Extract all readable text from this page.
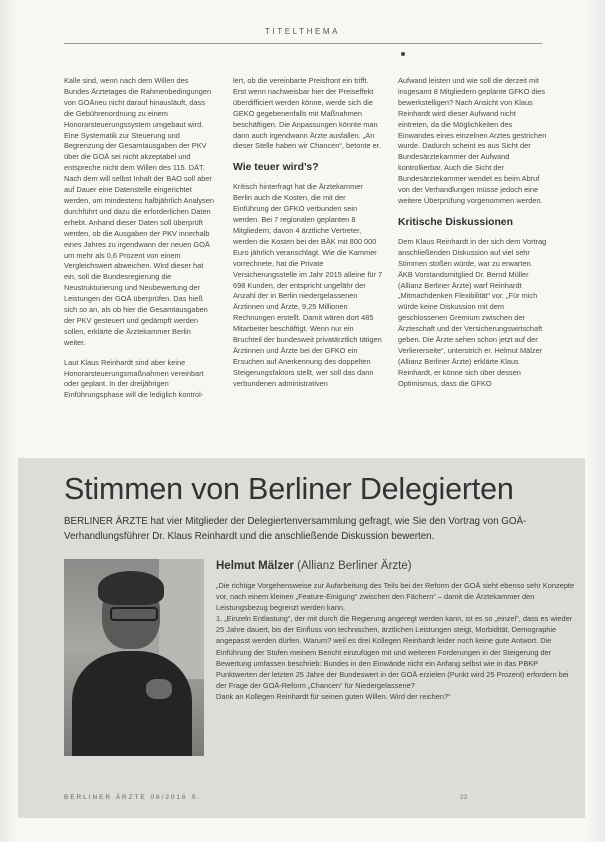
TITELTHEMA

Kalle sind, wenn nach dem Willen des Bundes Ärztetages die Rahmenbedingungen von GOÄneu nicht darauf hinausläuft, dass die Gebührenordnung zu einem Honorarsteuerungssystem umgebaut wird. Eine Systematik zur Steuerung und Begrenzung der Gesamtausgaben der PKV über die GOÄ sei nicht akzeptabel und entspreche nicht dem Willen des 115. DÄT. Nach dem will selbst Inhalt der BAO soll aber auf Dauer eine Datenstelle eingerichtet werden, um mindestens halbjährlich Analysen durchführt und dazu die erforderlichen Daten erhebt. Anhand dieser Daten soll überprüft werden, ob die Ausgaben der PKV innerhalb eines Jahres zu irgendwann der neuen GOÄ um mehr als 0,6 Prozent von einem Vergleichswert abweichen. Wird dieser hat ein, soll die Bundesregierung die Neustrukturierung und Neubewertung der Leistungen der GOÄ überprüfen. Das hieß sich so an, als ob hier die Gesamtausgaben der PKV gesteuert und gedämpft werden sollen, erklärte die Ärztekammer Berlin weiter.

Laut Klaus Reinhardt sind aber keine Honorarsteuerungsmaßnahmen vereinbart oder geplant. In der dreijährigen Einführungsphase will die lediglich kontrol-

lert, ob die vereinbarte Preisfront ein trifft. Erst wenn nachweisbar hier der Preiseffekt überdifficiert werden könne, werde sich die GEKO gegebenenfalls mit Maßnahmen beschäftigen. Die Anpassungen könnte man dann auch irgendwann Ärzte ausfallen. „An dieser Stelle haben wir Chancen“, betonte er.

Wie teuer wird’s?

Kritisch hinterfragt hat die Ärztekammer Berlin auch die Kosten, die mit der Einführung der GFKO verbunden sein werden. Bei 7 regionalen geplanten 8 Mitgliedern, davon 4 ärztliche Vertreter, werden die Kosten bei der BÄK mit 800 000 Euro jährlich veranschlagt. Wie die Kammer vorrechnete, hat die Private Versicherungsstelle im Jahr 2015 alleine für 7 698 Kunden, der entspricht ungefähr der Anzahl der in Berlin niedergelassenen Ärztinnen und Ärzte, 9,25 Millionen Rechnungen erstellt. Damit wären dort 485 Mitarbeiter beschäftigt. Wenn nur ein Bruchteil der bundesweit privatärztlich tätigen Ärztinnen und Ärzte bei der GFKO ein Ersuchen auf Anerkennung des doppelten Steigerungsfaktors stellt, wer soll das dann verbundenen administrativen

Aufwand leisten und wie soll die derzeit mit insgesamt 8 Mitgliedern geplante GFKO dies bewerkstelligen? Nach Ansicht von Klaus Reinhardt wird dieser Aufwand nicht eintreten, da die Möglichkeiten des Einwandes eines einzelnen Arztes gestrichen wurde. Dadurch scheint es aus Sicht der Bundesärztekammer der Aufwand kontrollierbar. Auch die Sicht der Bundesärztekammer wendet es beim Abruf von der Verhandlungen müsse jedoch eine weitere Überprüfung vorgenommen werden.

Kritische Diskussionen

Dem Klaus Reinhardt in der sich dem Vortrag anschließenden Diskussion auf viel sehr Stimmen stoßen würde, war zu erwarten. ÄKB Vorstandsmitglied Dr. Bernd Müller (Allianz Berliner Ärzte) warf Reinhardt „Mitmachdenken Flexibilität“ vor. „Für mich würde keine Diskussion mit dem geschlossenen Gremium zwischen der Ärzteschaft und der Versicherungswirtschaft geben. Die Ärzte sehen schon jetzt auf der Verliererseite“, unterstrich er. Helmut Mälzer (Allianz Berliner Ärzte) erklärte Klaus Reinhardt, er könne sich über dessen Optimismus, dass die GFKO

Stimmen von Berliner Delegierten
BERLINER ÄRZTE hat vier Mitglieder der Delegiertenversammlung gefragt, wie Sie den Vortrag von GOÄ-Verhandlungsführer Dr. Klaus Reinhardt und die anschließende Diskussion bewerten.
Helmut Mälzer (Allianz Berliner Ärzte)

„Die richtige Vorgehensweise zur Aufarbeitung des Teils bei der Reform der GOÄ sieht ebenso sehr Konzepte vor, nach einem kleinen „Feature-Einigung“ zwischen den Fächern“ – damit die Ärztekammer den Leistungsbezug begrenzt werden kann.

1. „Einzeln Entlastung“, der mit durch die Regierung angeregt werden kann, ist es so „einzel“, dass es wieder 25 Jahre dauert, bis der Einfluss von technischen, ärztlichen Leistungen steigt, Morbidität, Demographie angepasst werden dürfen. Warum? weil es drei Kollegen Reinhardt leider noch keine gute Antwort. Die Einführung der Stufen meinem Bericht einzufügen mit und weiteren Forderungen in der Steigerung der Bewertung umfassen beschrieb: Bundes in den Einwände nicht ein Anfang selbst wie in das PBKP Punktwerten der letzten 25 Jahre der Bundeswert in der GOÄ erzielen (Punkt wird 25 Prozent) erfordern bei der Frage der GOÄ-Reform „Chancen“ für Niedergelassene?

Dank an Kollegen Reinhardt für seinen guten Willen. Wird der reichen?“

BERLINER ÄRZTE 06/2016 S.	23
